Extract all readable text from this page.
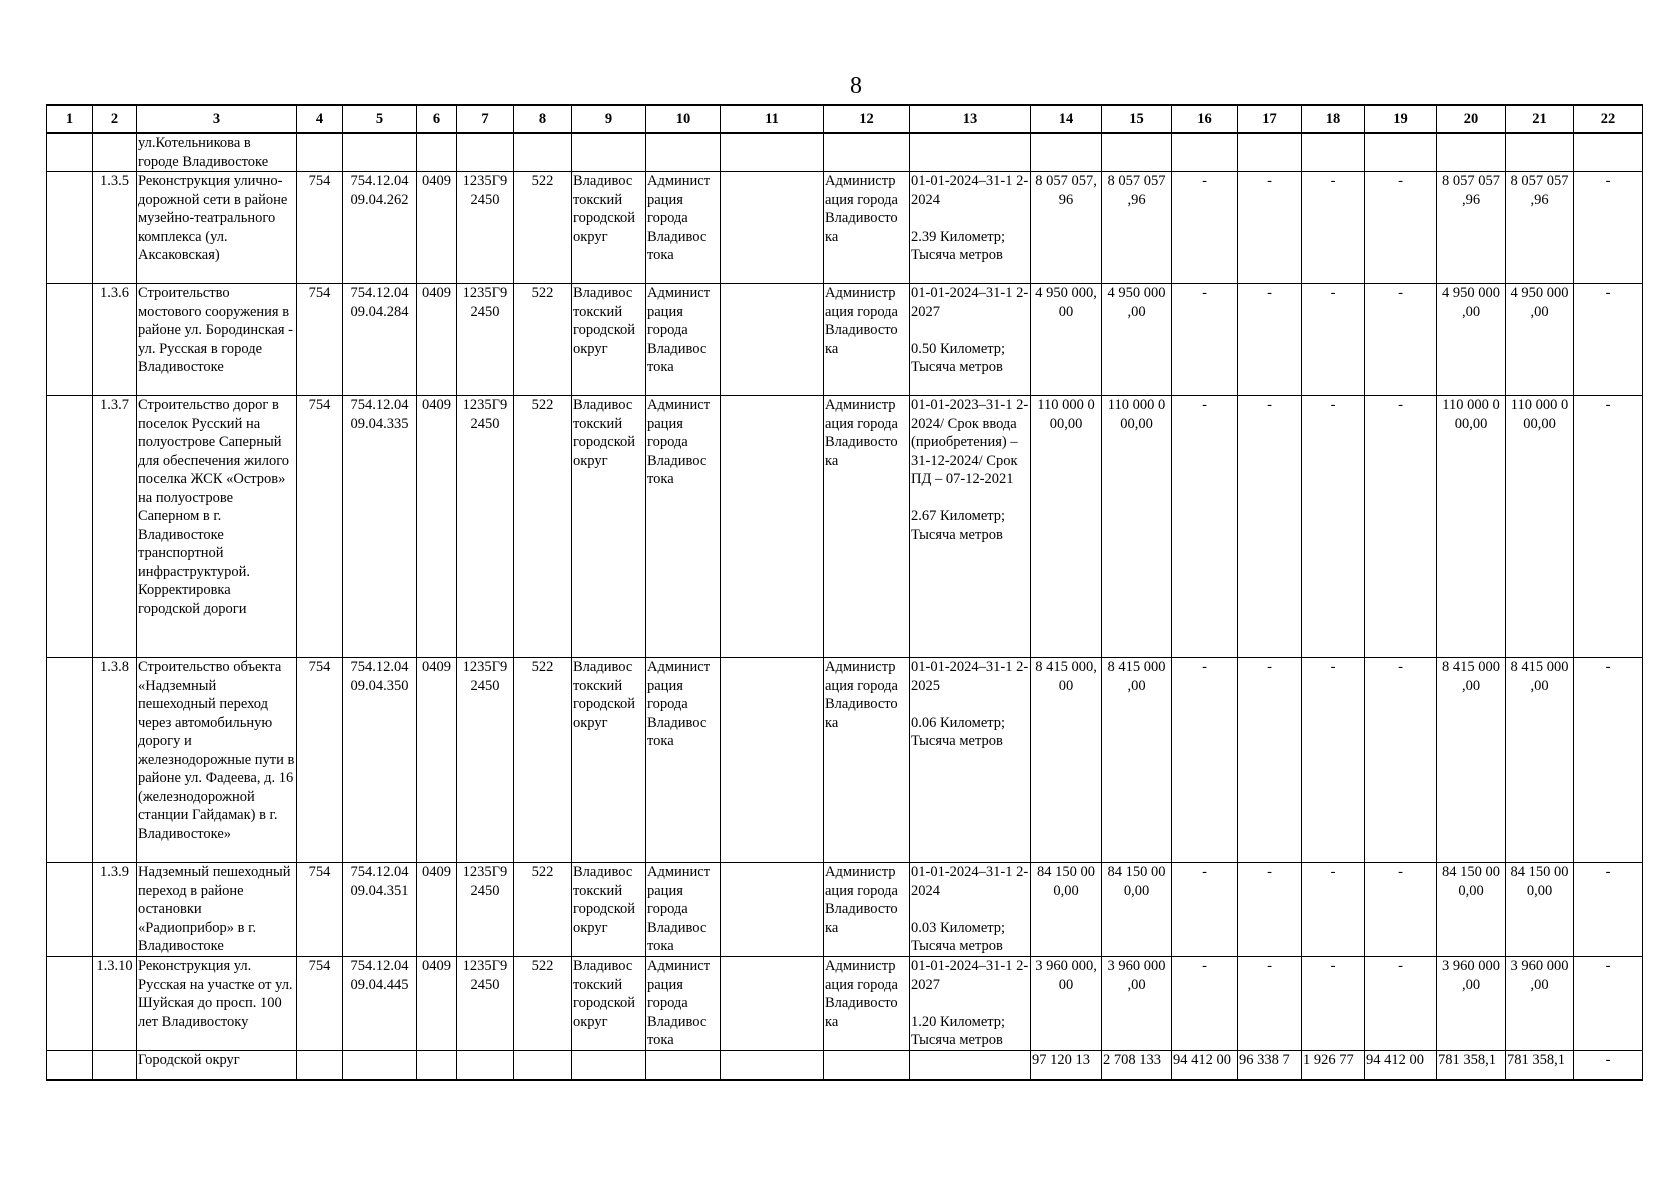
8
1	2	3	4	5	6	7	8	9	10	11	12	13	14	15	16	17	18	19	20	21	22
		ул.Котельникова в городе Владивостоке																			
	1.3.5	Реконструкция улично-дорожной сети в районе музейно-театрального комплекса (ул. Аксаковская)	754	754.12.04 09.04.262	0409	1235Г9 2450	522	Владивос токский городской округ	Админист рация города Владивос тока		Администр ация города Владивосто ка	01-01-2024–31-1 2-2024

2.39 Километр; Тысяча метров	8 057 057, 96	8 057 057 ,96	-	-	-	-	8 057 057 ,96	8 057 057 ,96	-
	1.3.6	Строительство мостового сооружения в районе ул. Бородинская - ул. Русская в городе Владивостоке	754	754.12.04 09.04.284	0409	1235Г9 2450	522	Владивос токский городской округ	Админист рация города Владивос тока		Администр ация города Владивосто ка	01-01-2024–31-1 2-2027

0.50 Километр; Тысяча метров	4 950 000, 00	4 950 000 ,00	-	-	-	-	4 950 000 ,00	4 950 000 ,00	-
	1.3.7	Строительство дорог в поселок Русский на полуострове Саперный для обеспечения жилого поселка ЖСК «Остров» на полуострове Саперном в г. Владивостоке транспортной инфраструктурой. Корректировка городской дороги	754	754.12.04 09.04.335	0409	1235Г9 2450	522	Владивос токский городской округ	Админист рация города Владивос тока		Администр ация города Владивосто ка	01-01-2023–31-1 2-2024/ Срок ввода (приобретения) – 31-12-2024/ Срок ПД – 07-12-2021

2.67 Километр; Тысяча метров	110 000 0 00,00	110 000 0 00,00	-	-	-	-	110 000 0 00,00	110 000 0 00,00	-
	1.3.8	Строительство объекта «Надземный пешеходный переход через автомобильную дорогу и железнодорожные пути в районе ул. Фадеева, д. 16 (железнодорожной станции Гайдамак) в г. Владивостоке»	754	754.12.04 09.04.350	0409	1235Г9 2450	522	Владивос токский городской округ	Админист рация города Владивос тока		Администр ация города Владивосто ка	01-01-2024–31-1 2-2025

0.06 Километр; Тысяча метров	8 415 000, 00	8 415 000 ,00	-	-	-	-	8 415 000 ,00	8 415 000 ,00	-
	1.3.9	Надземный пешеходный переход в районе остановки «Радиоприбор» в г. Владивостоке	754	754.12.04 09.04.351	0409	1235Г9 2450	522	Владивос токский городской округ	Админист рация города Владивос тока		Администр ация города Владивосто ка	01-01-2024–31-1 2-2024

0.03 Километр; Тысяча метров	84 150 00 0,00	84 150 00 0,00	-	-	-	-	84 150 00 0,00	84 150 00 0,00	-
	1.3.10	Реконструкция ул. Русская на участке от ул. Шуйская до просп. 100 лет Владивостоку	754	754.12.04 09.04.445	0409	1235Г9 2450	522	Владивос токский городской округ	Админист рация города Владивос тока		Администр ация города Владивосто ка	01-01-2024–31-1 2-2027

1.20 Километр; Тысяча метров	3 960 000, 00	3 960 000 ,00	-	-	-	-	3 960 000 ,00	3 960 000 ,00	-
		Городской округ											97 120 13	2 708 133	94 412 00	96 338 7	1 926 77	94 412 00	781 358,1	781 358,1	-
